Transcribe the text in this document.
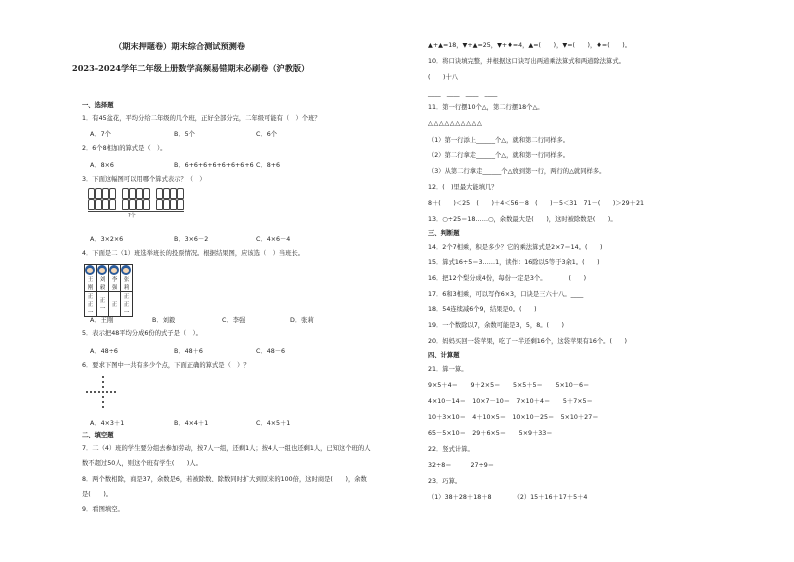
（期末押题卷）期末综合测试预测卷
2023-2024学年二年级上册数学高频易错期末必刷卷（沪教版）
一、选择题
1．有45盆花，平均分给二年级的几个班，正好全部分完，二年级可能有（　）个班？
A．7个	B．5个	C．6个
2．6个8相加的算式是（　）。
A．8×6	B．6+6+6+6+6+6+6+6 C．8+6
3．下面这幅图可以用哪个算式表示？（　）
?个
A．3×2×6	B．3×6－2	C．4×6－4
4．下面是二（1）班选举班长的投票情况。根据结果图，应该选（　）当班长。
王刚	刘毅	李强	张莉
正正一	正一	正	正正一
A．王刚	B．刘毅	C．李强	D．张莉
5．表示把48平均分成6份的式子是（　）。
A．48÷6	B．48＋6	C．48－6
6．要求下图中一共有多少个点，下面正确的算式是（　）？
A．4×3＋1	B．4×4＋1	C．4×5＋1
二、填空题
7．二（4）班的学生要分组去参加劳动，按7人一组，还剩1人；按4人一组也还剩1人，已知这个班的人
数不超过50人，则这个班有学生(　　)人。
8．两个数相除，商是37，余数是6，若被除数、除数同时扩大到原来的100倍，这时商是(　　)，余数
是(　　)。
9．看图填空。
▲+▲=18，▼+▲=25，▼+♦=4，▲=(　　)，▼=(　　)，♦=(　　)。
10．将口诀填完整，并根据这口诀写出两道乘法算式和两道除法算式。
(　　)十八
____　____　____　____
11．第一行摆10个△，第二行摆18个△。
△△△△△△△△△△
（1）第一行添上______个△，就和第二行同样多。
（2）第二行拿走______个△，就和第一行同样多。
（3）从第二行拿走______个△放到第一行，两行的△就同样多。
12．(　)里最大能填几？
8＋(　　)＜25　(　　)＋4＜56－8　(　　)－5＜31　71－(　　)＞29＋21
13．○÷25＝18……○，余数最大是(　　)，这时被除数是(　　)。
三、判断题
14．2个7相乘，积是多少？它的乘法算式是2×7＝14。(　　)
15．算式16÷5＝3……1，读作：16除以5等于3余1。(　　)
16．把12个梨分成4份，每份一定是3个。　　　　(　　)
17．6和3相乘，可以写作6×3，口诀是三六十八。____
18．54连续减6个9，结果是0。(　　)
19．一个数除以7，余数可能是3，5，8。(　　)
20．妈妈买回一袋苹果，吃了一半还剩16个，这袋苹果有16个。(　　)
四、计算题
21．算一算。
9×5＋4＝　　9＋2×5＝　　5×5＋5＝　　5×10－6＝
4×10－14＝　10×7－10＝　7×10＋4＝　　5＋7×5＝
10＋3×10＝　4＋10×5＝　10×10－25＝　5×10＋27＝
65－5×10＝　29＋6×5＝　　5×9＋33＝
22．竖式计算。
32÷8＝　　　27÷9＝
23．巧算。
（1）38＋28＋18＋8　　　　（2）15＋16＋17＋5＋4
